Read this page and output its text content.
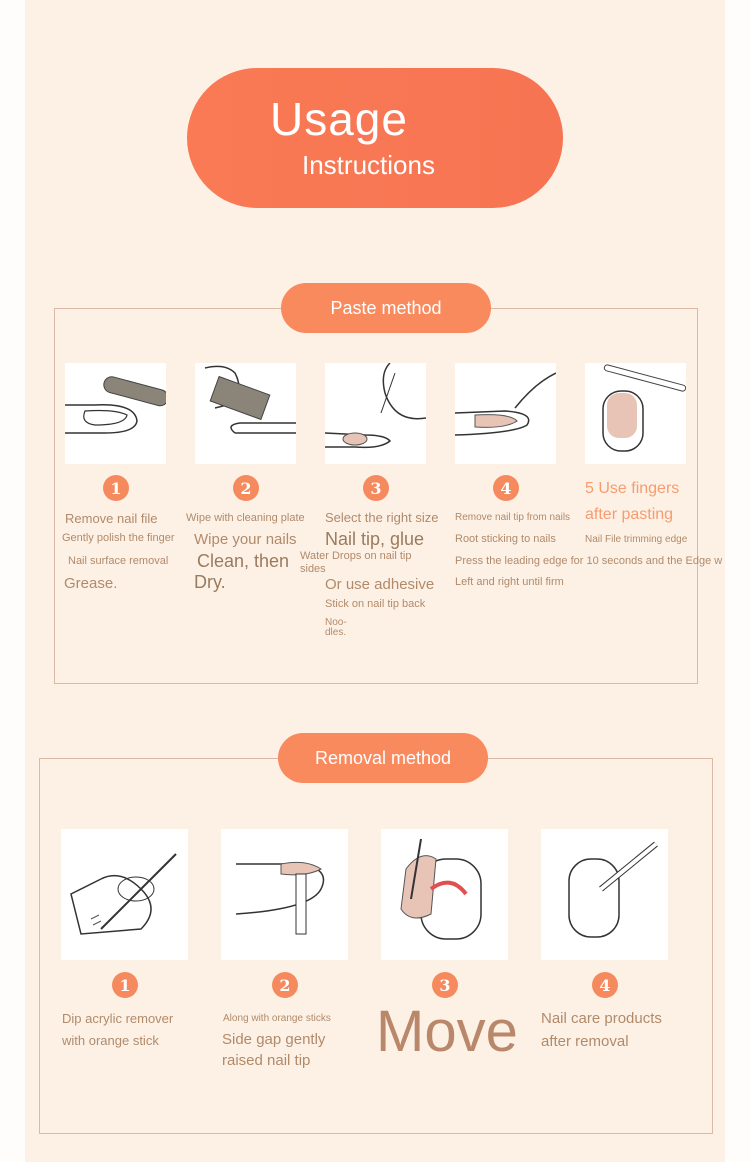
Usage
Instructions
Paste method
1	2	3	4
Remove nail file
Gently polish the finger
Nail surface removal
Grease.
Wipe with cleaning plate
Wipe your nails
Clean, then
Dry.
Select the right size
Nail tip, glue
Water Drops on nail tip
sides
Or use adhesive
Stick on nail tip back
Noo-
dles.
Remove nail tip from nails
Root sticking to nails
Press the leading edge for 10 seconds and the Edge w
Left and right until firm
5 Use fingers
after pasting
Nail File trimming edge
Removal method
1	2	3	4
Dip acrylic remover
with orange stick
Along with orange sticks
Side gap gently
raised nail tip Move Nail care products
after removal
